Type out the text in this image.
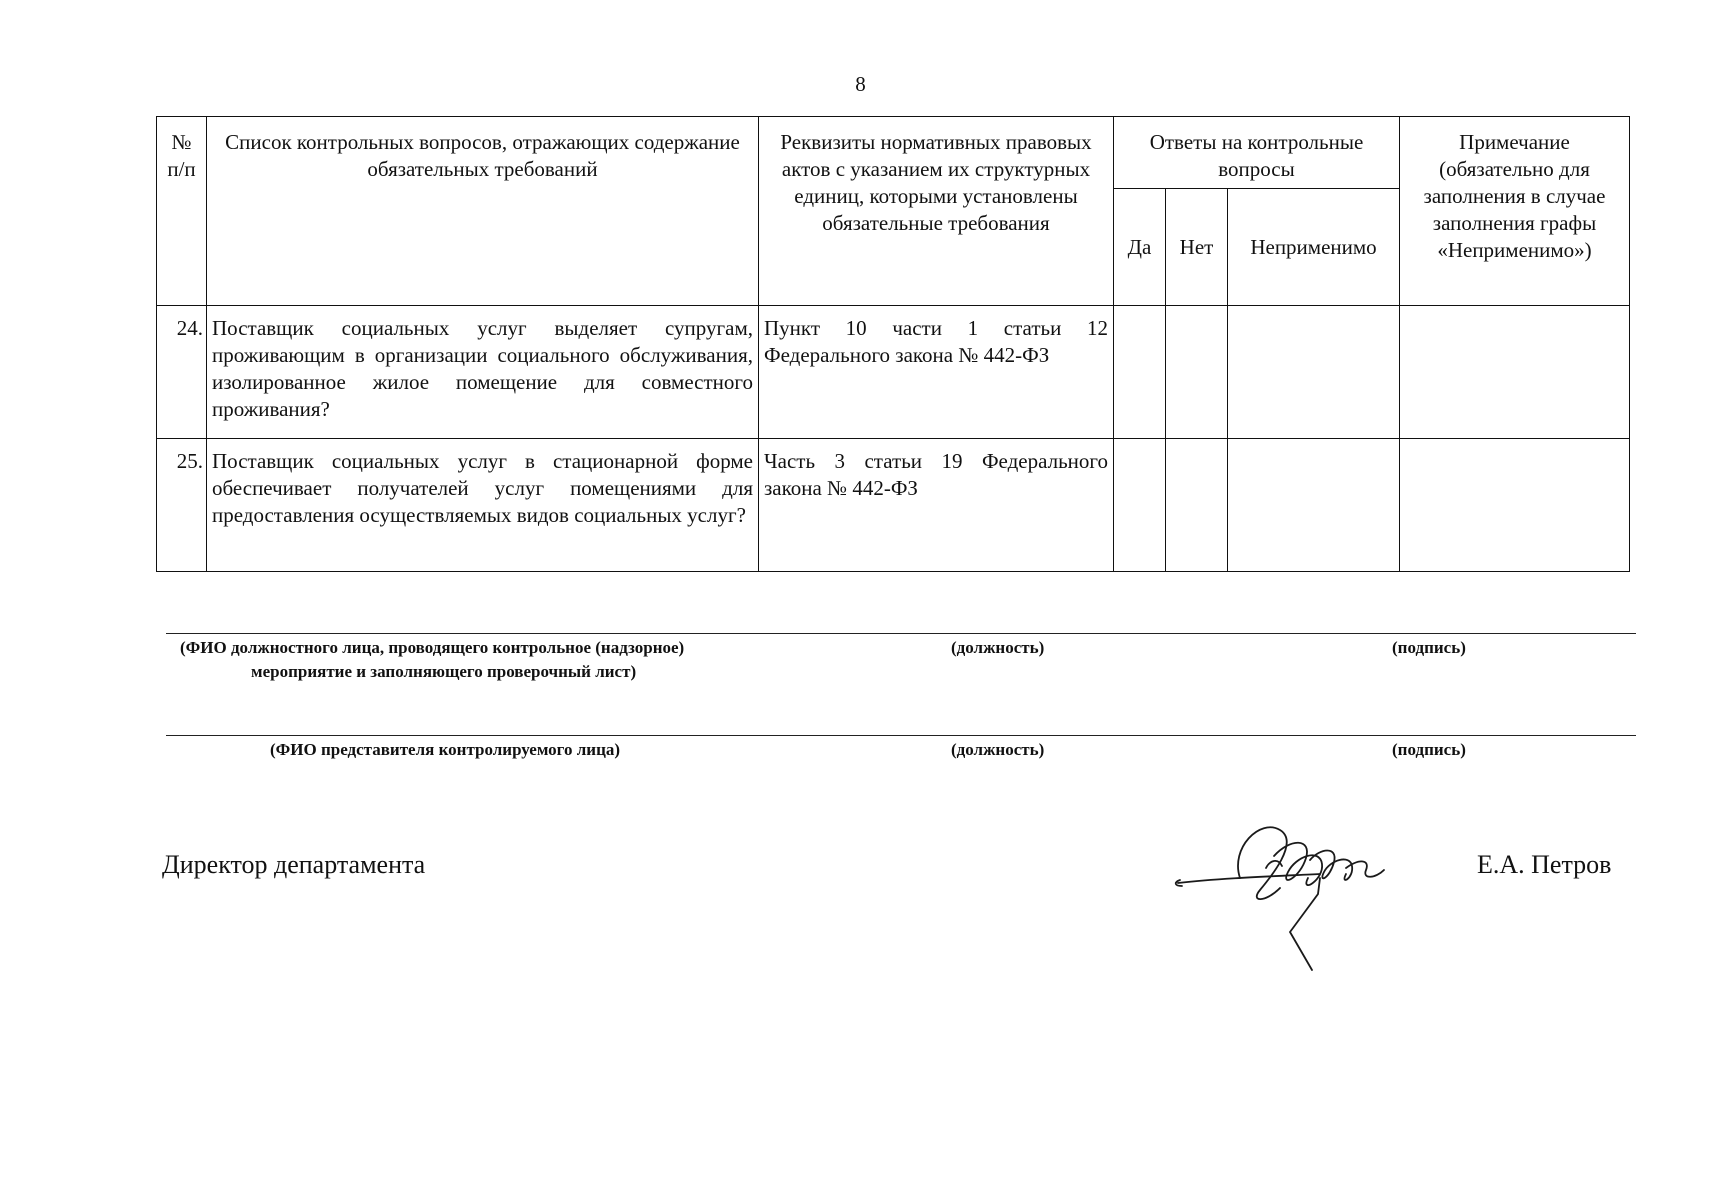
8
№ п/п	Список контрольных вопросов, отражающих содержание обязательных требований	Реквизиты нормативных правовых актов с указанием их структурных единиц, которыми установлены обязательные требования	Ответы на контрольные вопросы			Примечание (обязательно для заполнения в случае заполнения графы «Неприменимо»)
			Да	Нет	Неприменимо	
24.	Поставщик социальных услуг выделяет супругам, проживающим в организации социального обслуживания, изолированное жилое помещение для совместного проживания?	Пункт 10 части 1 статьи 12 Федерального закона № 442-ФЗ				
25.	Поставщик социальных услуг в стационарной форме обеспечивает получателей услуг помещениями для предоставления осуществляемых видов социальных услуг?	Часть 3 статьи 19 Федерального закона № 442-ФЗ				
(ФИО должностного лица, проводящего контрольное (надзорное)
мероприятие и заполняющего проверочный лист)
(должность)	(подпись)
(ФИО представителя контролируемого лица)	(должность)	(подпись)
Директор департамента	Е.А. Петров
